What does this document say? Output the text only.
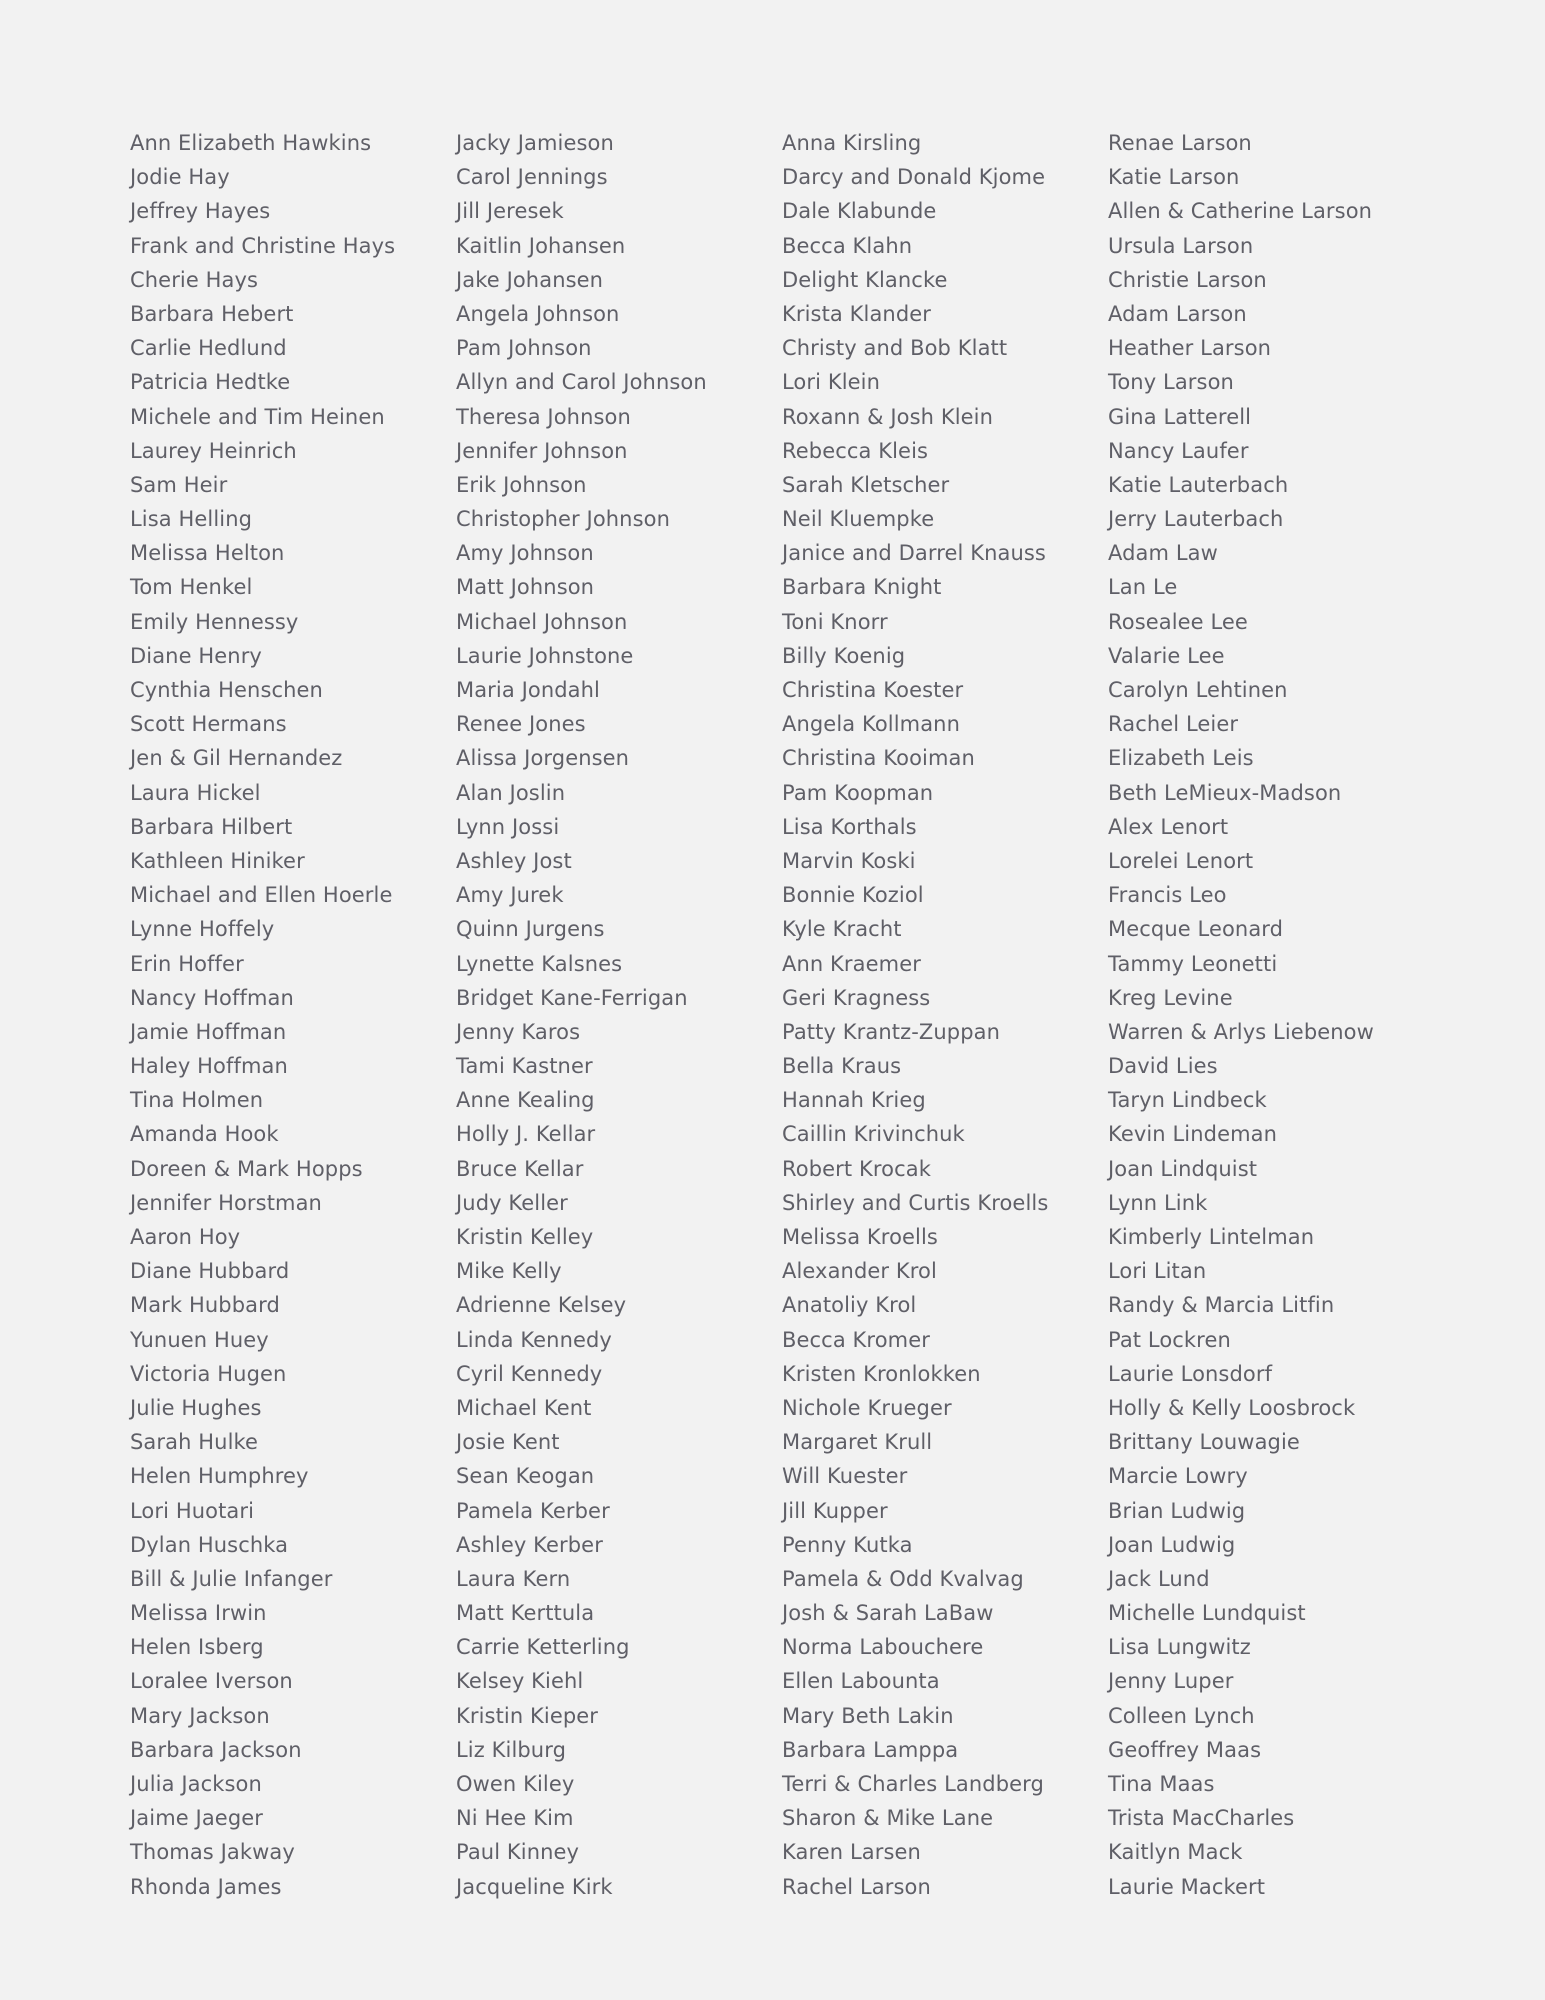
Ann Elizabeth Hawkins
Jodie Hay
Jeffrey Hayes
Frank and Christine Hays
Cherie Hays
Barbara Hebert
Carlie Hedlund
Patricia Hedtke
Michele and Tim Heinen
Laurey Heinrich
Sam Heir
Lisa Helling
Melissa Helton
Tom Henkel
Emily Hennessy
Diane Henry
Cynthia Henschen
Scott Hermans
Jen & Gil Hernandez
Laura Hickel
Barbara Hilbert
Kathleen Hiniker
Michael and Ellen Hoerle
Lynne Hoffely
Erin Hoffer
Nancy Hoffman
Jamie Hoffman
Haley Hoffman
Tina Holmen
Amanda Hook
Doreen & Mark Hopps
Jennifer Horstman
Aaron Hoy
Diane Hubbard
Mark Hubbard
Yunuen Huey
Victoria Hugen
Julie Hughes
Sarah Hulke
Helen Humphrey
Lori Huotari
Dylan Huschka
Bill & Julie Infanger
Melissa Irwin
Helen Isberg
Loralee Iverson
Mary Jackson
Barbara Jackson
Julia Jackson
Jaime Jaeger
Thomas Jakway
Rhonda James
Jacky Jamieson
Carol Jennings
Jill Jeresek
Kaitlin Johansen
Jake Johansen
Angela Johnson
Pam Johnson
Allyn and Carol Johnson
Theresa Johnson
Jennifer Johnson
Erik Johnson
Christopher Johnson
Amy Johnson
Matt Johnson
Michael Johnson
Laurie Johnstone
Maria Jondahl
Renee Jones
Alissa Jorgensen
Alan Joslin
Lynn Jossi
Ashley Jost
Amy Jurek
Quinn Jurgens
Lynette Kalsnes
Bridget Kane-Ferrigan
Jenny Karos
Tami Kastner
Anne Kealing
Holly J. Kellar
Bruce Kellar
Judy Keller
Kristin Kelley
Mike Kelly
Adrienne Kelsey
Linda Kennedy
Cyril Kennedy
Michael Kent
Josie Kent
Sean Keogan
Pamela Kerber
Ashley Kerber
Laura Kern
Matt Kerttula
Carrie Ketterling
Kelsey Kiehl
Kristin Kieper
Liz Kilburg
Owen Kiley
Ni Hee Kim
Paul Kinney
Jacqueline Kirk
Anna Kirsling
Darcy and Donald Kjome
Dale Klabunde
Becca Klahn
Delight Klancke
Krista Klander
Christy and Bob Klatt
Lori Klein
Roxann & Josh Klein
Rebecca Kleis
Sarah Kletscher
Neil Kluempke
Janice and Darrel Knauss
Barbara Knight
Toni Knorr
Billy Koenig
Christina Koester
Angela Kollmann
Christina Kooiman
Pam Koopman
Lisa Korthals
Marvin Koski
Bonnie Koziol
Kyle Kracht
Ann Kraemer
Geri Kragness
Patty Krantz-Zuppan
Bella Kraus
Hannah Krieg
Caillin Krivinchuk
Robert Krocak
Shirley and Curtis Kroells
Melissa Kroells
Alexander Krol
Anatoliy Krol
Becca Kromer
Kristen Kronlokken
Nichole Krueger
Margaret Krull
Will Kuester
Jill Kupper
Penny Kutka
Pamela & Odd Kvalvag
Josh & Sarah LaBaw
Norma Labouchere
Ellen Labounta
Mary Beth Lakin
Barbara Lamppa
Terri & Charles Landberg
Sharon & Mike Lane
Karen Larsen
Rachel Larson
Renae Larson
Katie Larson
Allen & Catherine Larson
Ursula Larson
Christie Larson
Adam Larson
Heather Larson
Tony Larson
Gina Latterell
Nancy Laufer
Katie Lauterbach
Jerry Lauterbach
Adam Law
Lan Le
Rosealee Lee
Valarie Lee
Carolyn Lehtinen
Rachel Leier
Elizabeth Leis
Beth LeMieux-Madson
Alex Lenort
Lorelei Lenort
Francis Leo
Mecque Leonard
Tammy Leonetti
Kreg Levine
Warren & Arlys Liebenow
David Lies
Taryn Lindbeck
Kevin Lindeman
Joan Lindquist
Lynn Link
Kimberly Lintelman
Lori Litan
Randy & Marcia Litfin
Pat Lockren
Laurie Lonsdorf
Holly & Kelly Loosbrock
Brittany Louwagie
Marcie Lowry
Brian Ludwig
Joan Ludwig
Jack Lund
Michelle Lundquist
Lisa Lungwitz
Jenny Luper
Colleen Lynch
Geoffrey Maas
Tina Maas
Trista MacCharles
Kaitlyn Mack
Laurie Mackert
